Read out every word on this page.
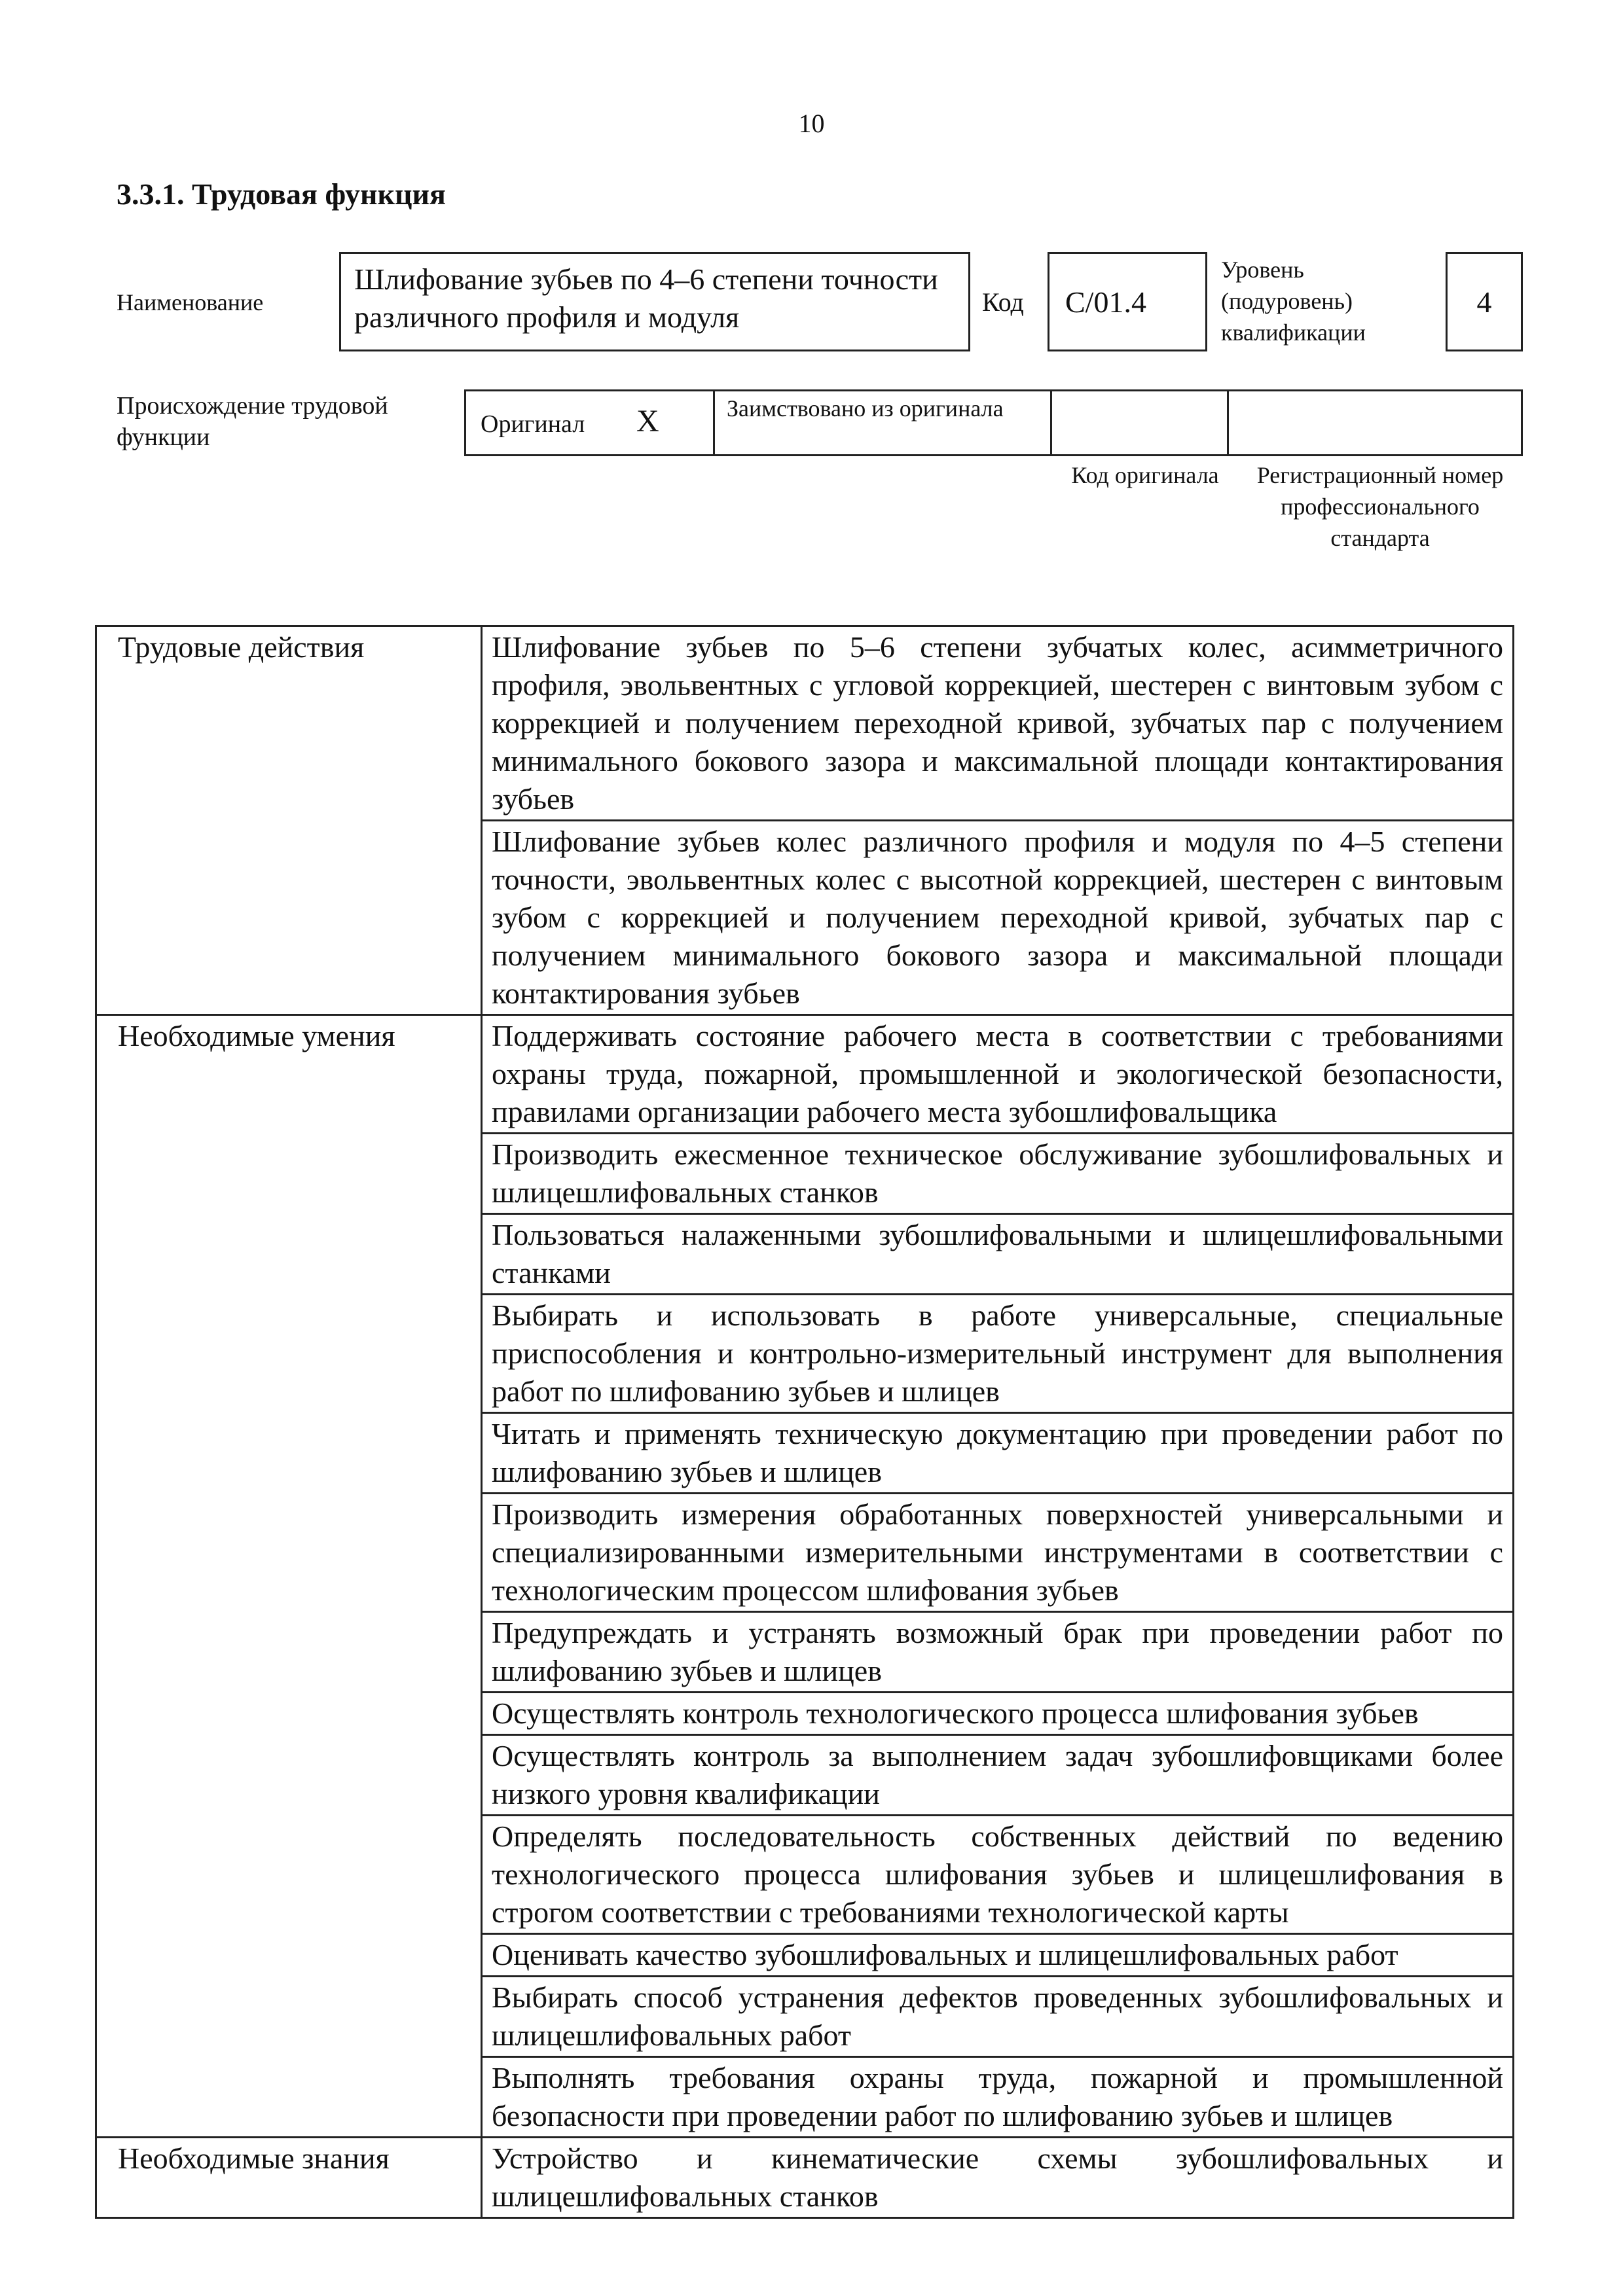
10
3.3.1. Трудовая функция
Наименование
Шлифование зубьев по 4–6 степени точности различного профиля и модуля	Код	С/01.4
Уровень (подуровень) квалификации
4
Происхождение трудовой функции	Оригинал Х	Заимствовано из оригинала
Код оригинала	Регистрационный номер профессионального стандарта
Трудовые действия	Шлифование зубьев по 5–6 степени зубчатых колес, асимметричного профиля, эвольвентных с угловой коррекцией, шестерен с винтовым зубом с коррекцией и получением переходной кривой, зубчатых пар с получением минимального бокового зазора и максимальной площади контактирования зубьев
	Шлифование зубьев колес различного профиля и модуля по 4–5 степени точности, эвольвентных колес с высотной коррекцией, шестерен с винтовым зубом с коррекцией и получением переходной кривой, зубчатых пар с получением минимального бокового зазора и максимальной площади контактирования зубьев
Необходимые умения	Поддерживать состояние рабочего места в соответствии с требованиями охраны труда, пожарной, промышленной и экологической безопасности, правилами организации рабочего места зубошлифовальщика
	Производить ежесменное техническое обслуживание зубошлифовальных и шлицешлифовальных станков
	Пользоваться налаженными зубошлифовальными и шлицешлифовальными станками
	Выбирать и использовать в работе универсальные, специальные приспособления и контрольно-измерительный инструмент для выполнения работ по шлифованию зубьев и шлицев
	Читать и применять техническую документацию при проведении работ по шлифованию зубьев и шлицев
	Производить измерения обработанных поверхностей универсальными и специализированными измерительными инструментами в соответствии с технологическим процессом шлифования зубьев
	Предупреждать и устранять возможный брак при проведении работ по шлифованию зубьев и шлицев
	Осуществлять контроль технологического процесса шлифования зубьев
	Осуществлять контроль за выполнением задач зубошлифовщиками более низкого уровня квалификации
	Определять последовательность собственных действий по ведению технологического процесса шлифования зубьев и шлицешлифования в строгом соответствии с требованиями технологической карты
	Оценивать качество зубошлифовальных и шлицешлифовальных работ
	Выбирать способ устранения дефектов проведенных зубошлифовальных и шлицешлифовальных работ
	Выполнять требования охраны труда, пожарной и промышленной безопасности при проведении работ по шлифованию зубьев и шлицев
Необходимые знания	Устройство и кинематические схемы зубошлифовальных и шлицешлифовальных станков
